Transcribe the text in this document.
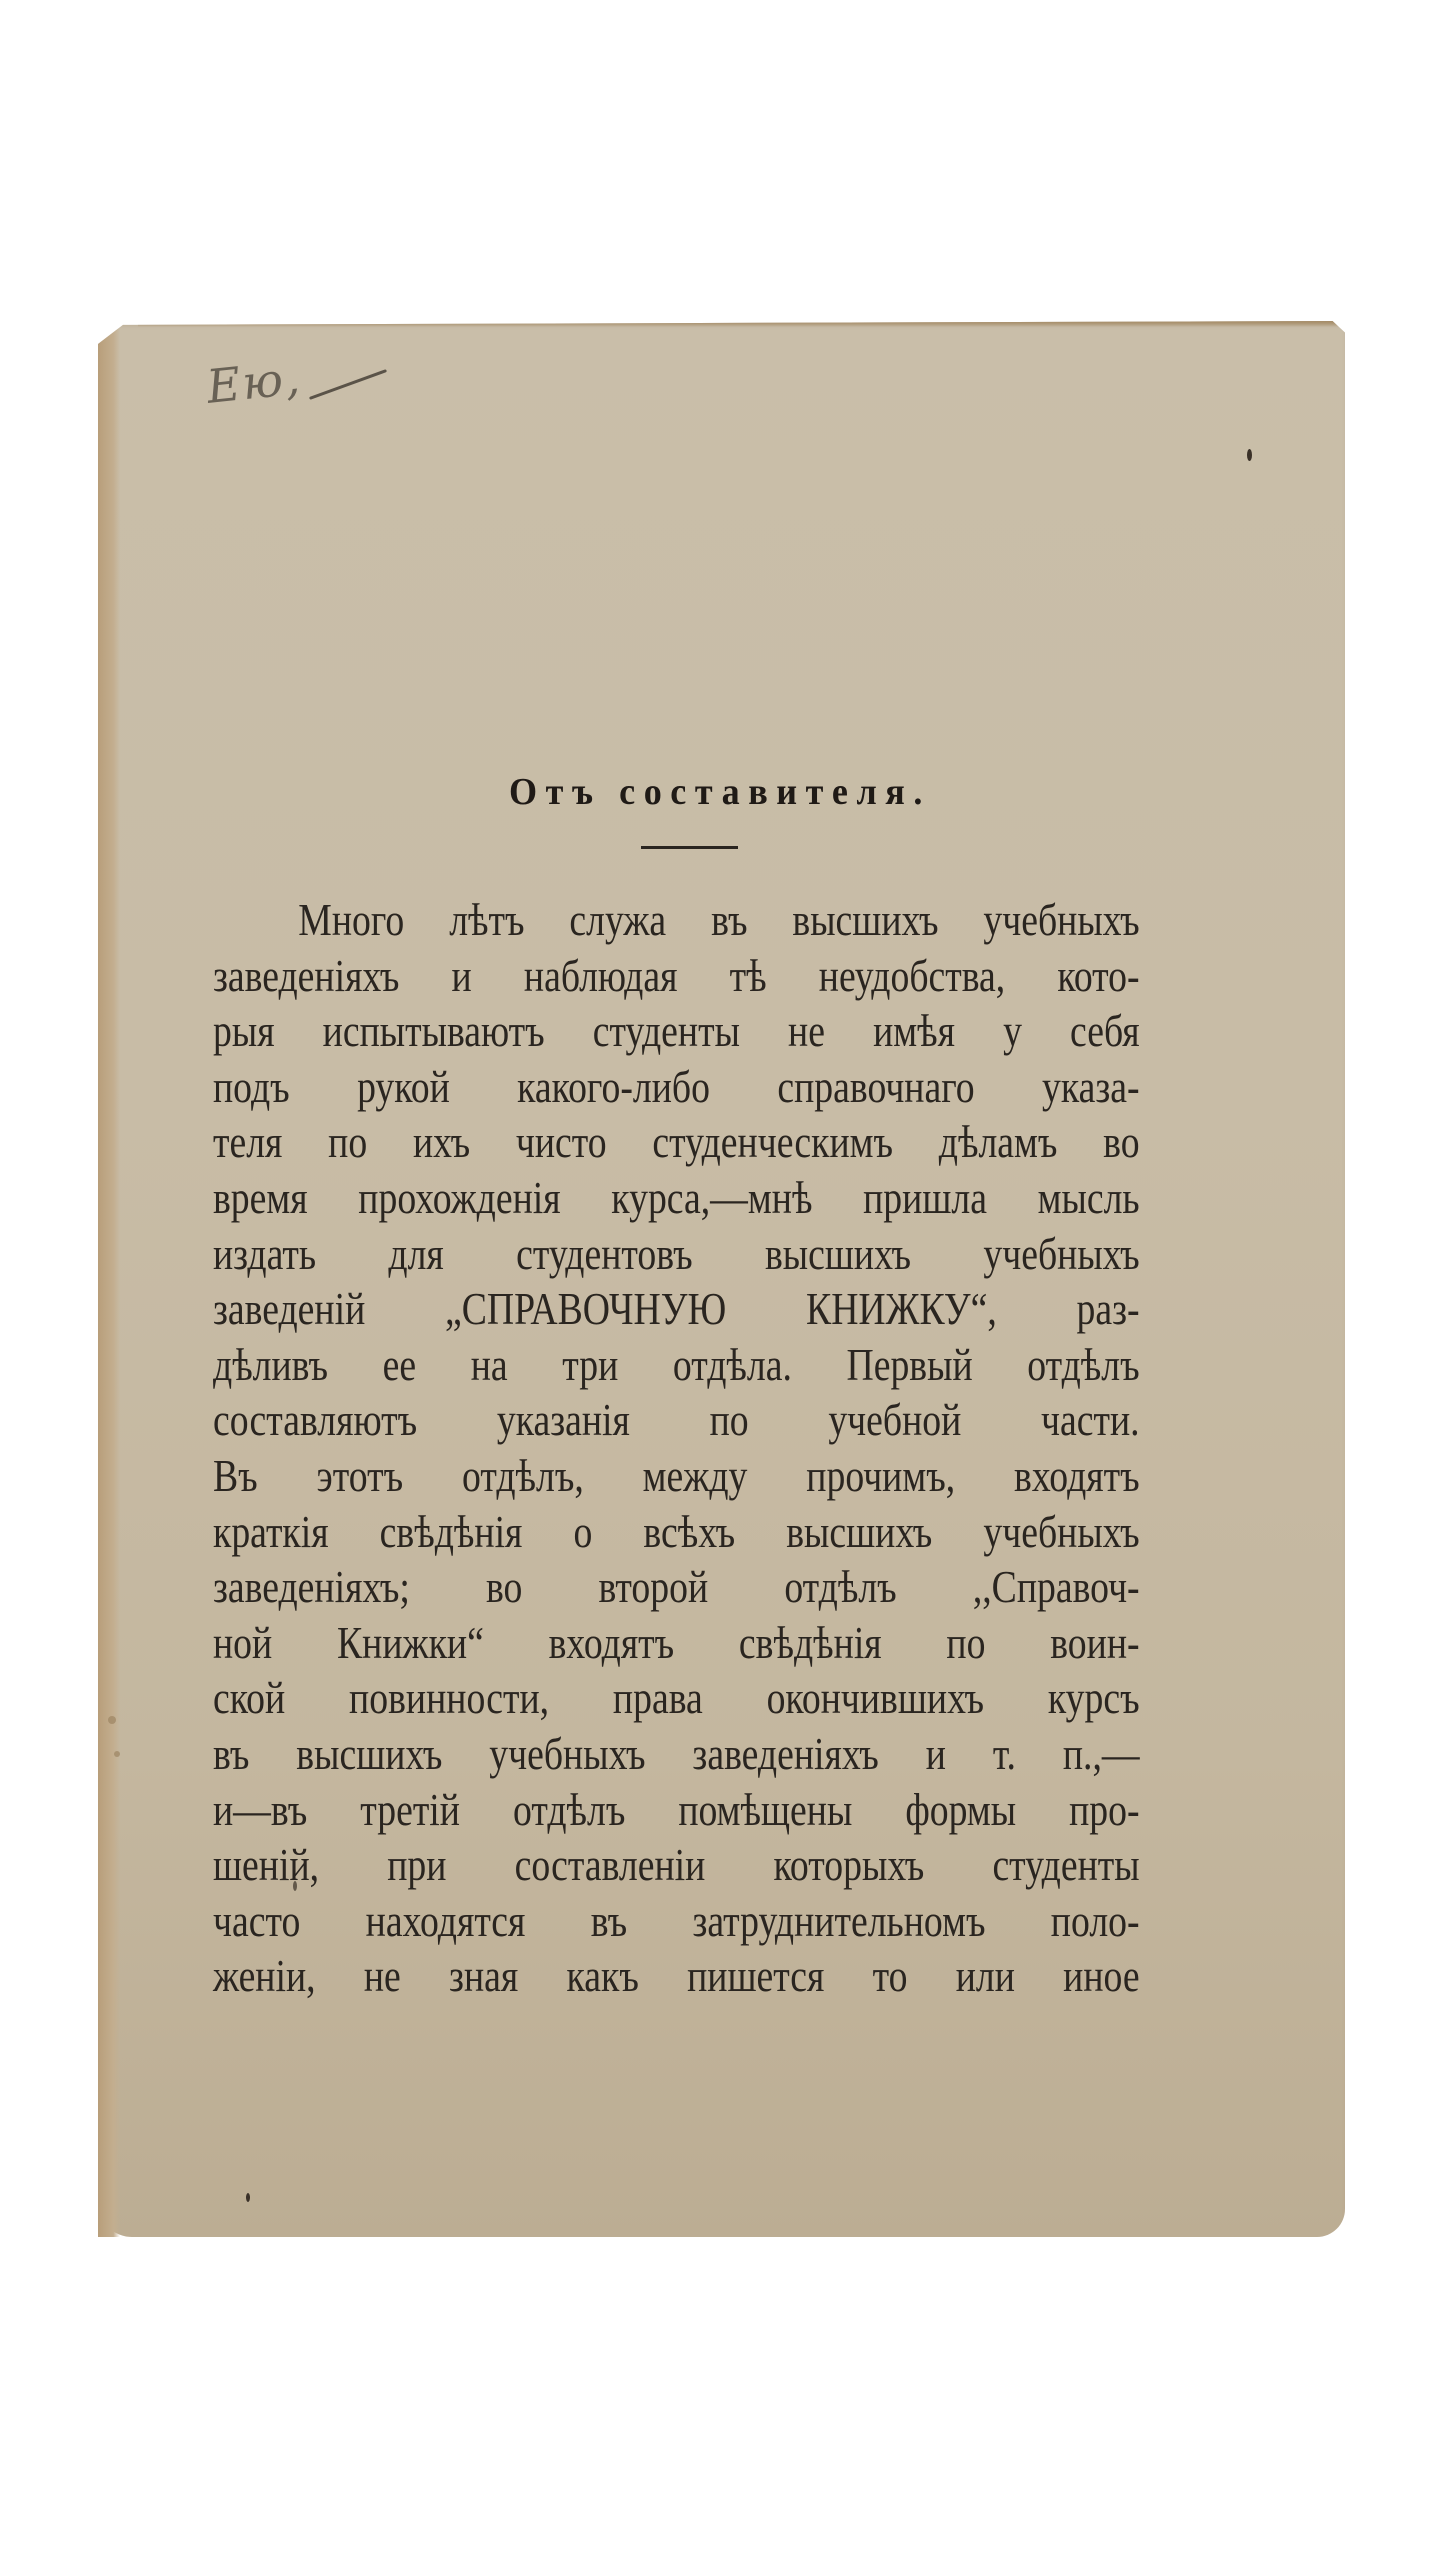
Ею,
Отъ составителя.
Много лѣтъ служа въ высшихъ учебныхъ
заведеніяхъ и наблюдая тѣ неудобства, кото-
рыя испытываютъ студенты не имѣя у себя
подъ рукой какого-либо справочнаго указа-
теля по ихъ чисто студенческимъ дѣламъ во
время прохожденія курса,—мнѣ пришла мысль
издать для студентовъ высшихъ учебныхъ
заведеній „СПРАВОЧНУЮ КНИЖКУ“, раз-
дѣливъ ее на три отдѣла. Первый отдѣлъ
составляютъ указанія по учебной части.
Въ этотъ отдѣлъ, между прочимъ, входятъ
краткія свѣдѣнія о всѣхъ высшихъ учебныхъ
заведеніяхъ; во второй отдѣлъ ,,Справоч-
ной Книжки“ входятъ свѣдѣнія по воин-
ской повинности, права окончившихъ курсъ
въ высшихъ учебныхъ заведеніяхъ и т. п.,—
и—въ третій отдѣлъ помѣщены формы про-
шеній, при составленіи которыхъ студенты
часто находятся въ затруднительномъ поло-
женіи, не зная какъ пишется то или иное
